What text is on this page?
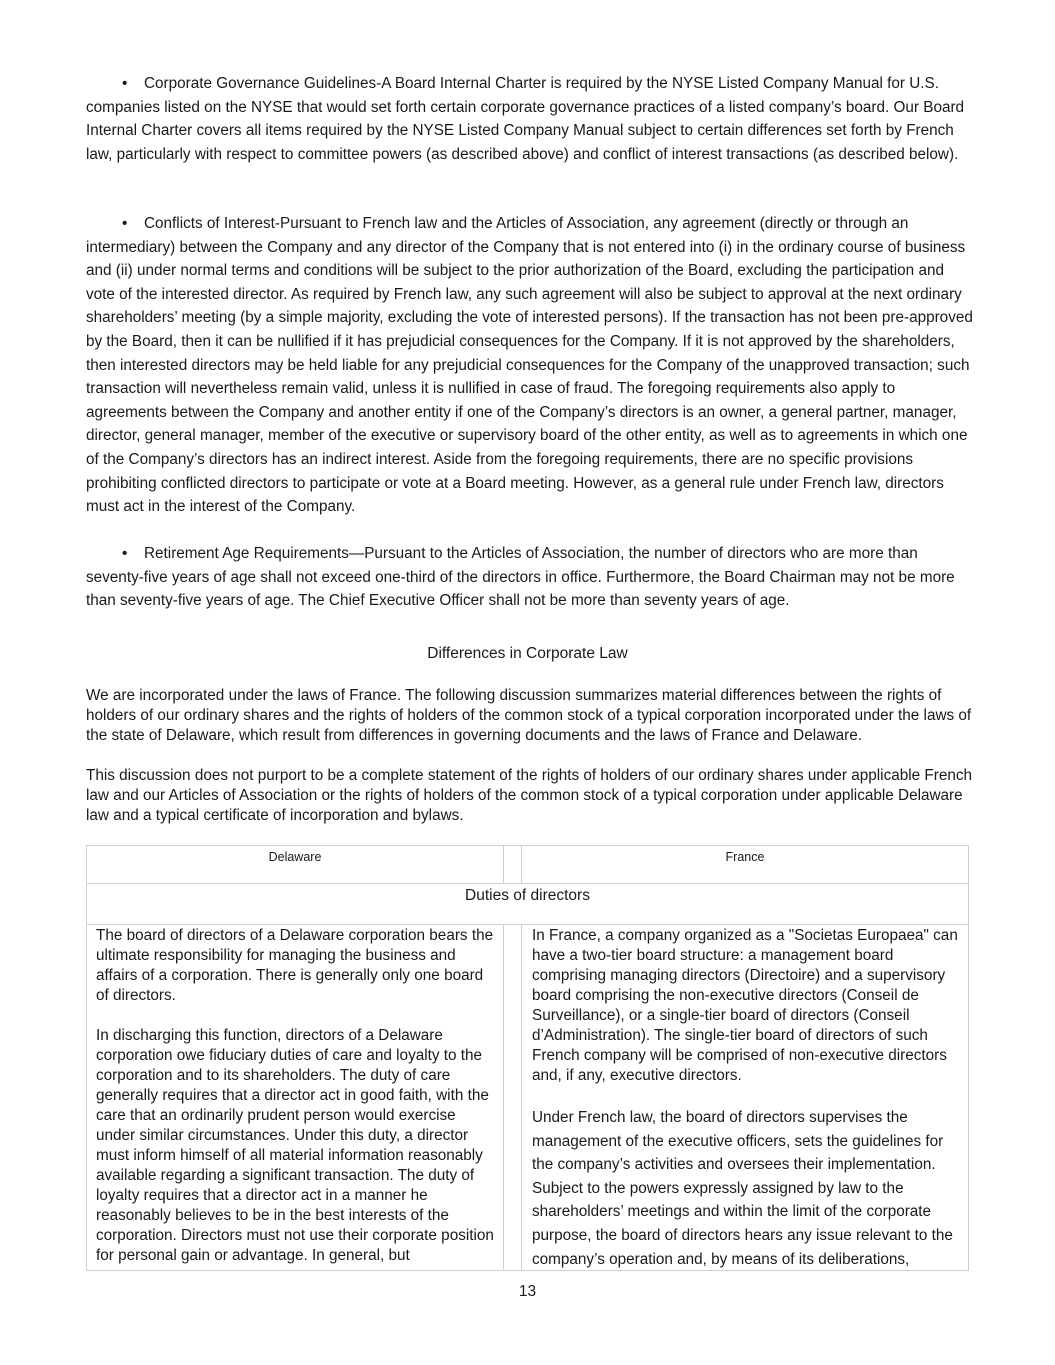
• Corporate Governance Guidelines-A Board Internal Charter is required by the NYSE Listed Company Manual for U.S. companies listed on the NYSE that would set forth certain corporate governance practices of a listed company’s board. Our Board Internal Charter covers all items required by the NYSE Listed Company Manual subject to certain differences set forth by French law, particularly with respect to committee powers (as described above) and conflict of interest transactions (as described below).

• Conflicts of Interest-Pursuant to French law and the Articles of Association, any agreement (directly or through an intermediary) between the Company and any director of the Company that is not entered into (i) in the ordinary course of business and (ii) under normal terms and conditions will be subject to the prior authorization of the Board, excluding the participation and vote of the interested director. As required by French law, any such agreement will also be subject to approval at the next ordinary shareholders’ meeting (by a simple majority, excluding the vote of interested persons). If the transaction has not been pre-approved by the Board, then it can be nullified if it has prejudicial consequences for the Company. If it is not approved by the shareholders, then interested directors may be held liable for any prejudicial consequences for the Company of the unapproved transaction; such transaction will nevertheless remain valid, unless it is nullified in case of fraud. The foregoing requirements also apply to agreements between the Company and another entity if one of the Company’s directors is an owner, a general partner, manager, director, general manager, member of the executive or supervisory board of the other entity, as well as to agreements in which one of the Company’s directors has an indirect interest. Aside from the foregoing requirements, there are no specific provisions prohibiting conflicted directors to participate or vote at a Board meeting. However, as a general rule under French law, directors must act in the interest of the Company.

• Retirement Age Requirements—Pursuant to the Articles of Association, the number of directors who are more than seventy-five years of age shall not exceed one-third of the directors in office. Furthermore, the Board Chairman may not be more than seventy-five years of age. The Chief Executive Officer shall not be more than seventy years of age.

Differences in Corporate Law

We are incorporated under the laws of France. The following discussion summarizes material differences between the rights of holders of our ordinary shares and the rights of holders of the common stock of a typical corporation incorporated under the laws of the state of Delaware, which result from differences in governing documents and the laws of France and Delaware.

This discussion does not purport to be a complete statement of the rights of holders of our ordinary shares under applicable French law and our Articles of Association or the rights of holders of the common stock of a typical corporation under applicable Delaware law and a typical certificate of incorporation and bylaws.

Delaware	France
Duties of directors

The board of directors of a Delaware corporation bears the ultimate responsibility for managing the business and affairs of a corporation. There is generally only one board of directors.

In discharging this function, directors of a Delaware corporation owe fiduciary duties of care and loyalty to the corporation and to its shareholders. The duty of care generally requires that a director act in good faith, with the care that an ordinarily prudent person would exercise under similar circumstances. Under this duty, a director must inform himself of all material information reasonably available regarding a significant transaction. The duty of loyalty requires that a director act in a manner he reasonably believes to be in the best interests of the corporation. Directors must not use their corporate position for personal gain or advantage. In general, but

In France, a company organized as a "Societas Europaea" can have a two-tier board structure: a management board comprising managing directors (Directoire) and a supervisory board comprising the non-executive directors (Conseil de Surveillance), or a single-tier board of directors (Conseil d’Administration). The single-tier board of directors of such French company will be comprised of non-executive directors and, if any, executive directors.

Under French law, the board of directors supervises the management of the executive officers, sets the guidelines for the company’s activities and oversees their implementation. Subject to the powers expressly assigned by law to the shareholders’ meetings and within the limit of the corporate purpose, the board of directors hears any issue relevant to the company’s operation and, by means of its deliberations,

13
